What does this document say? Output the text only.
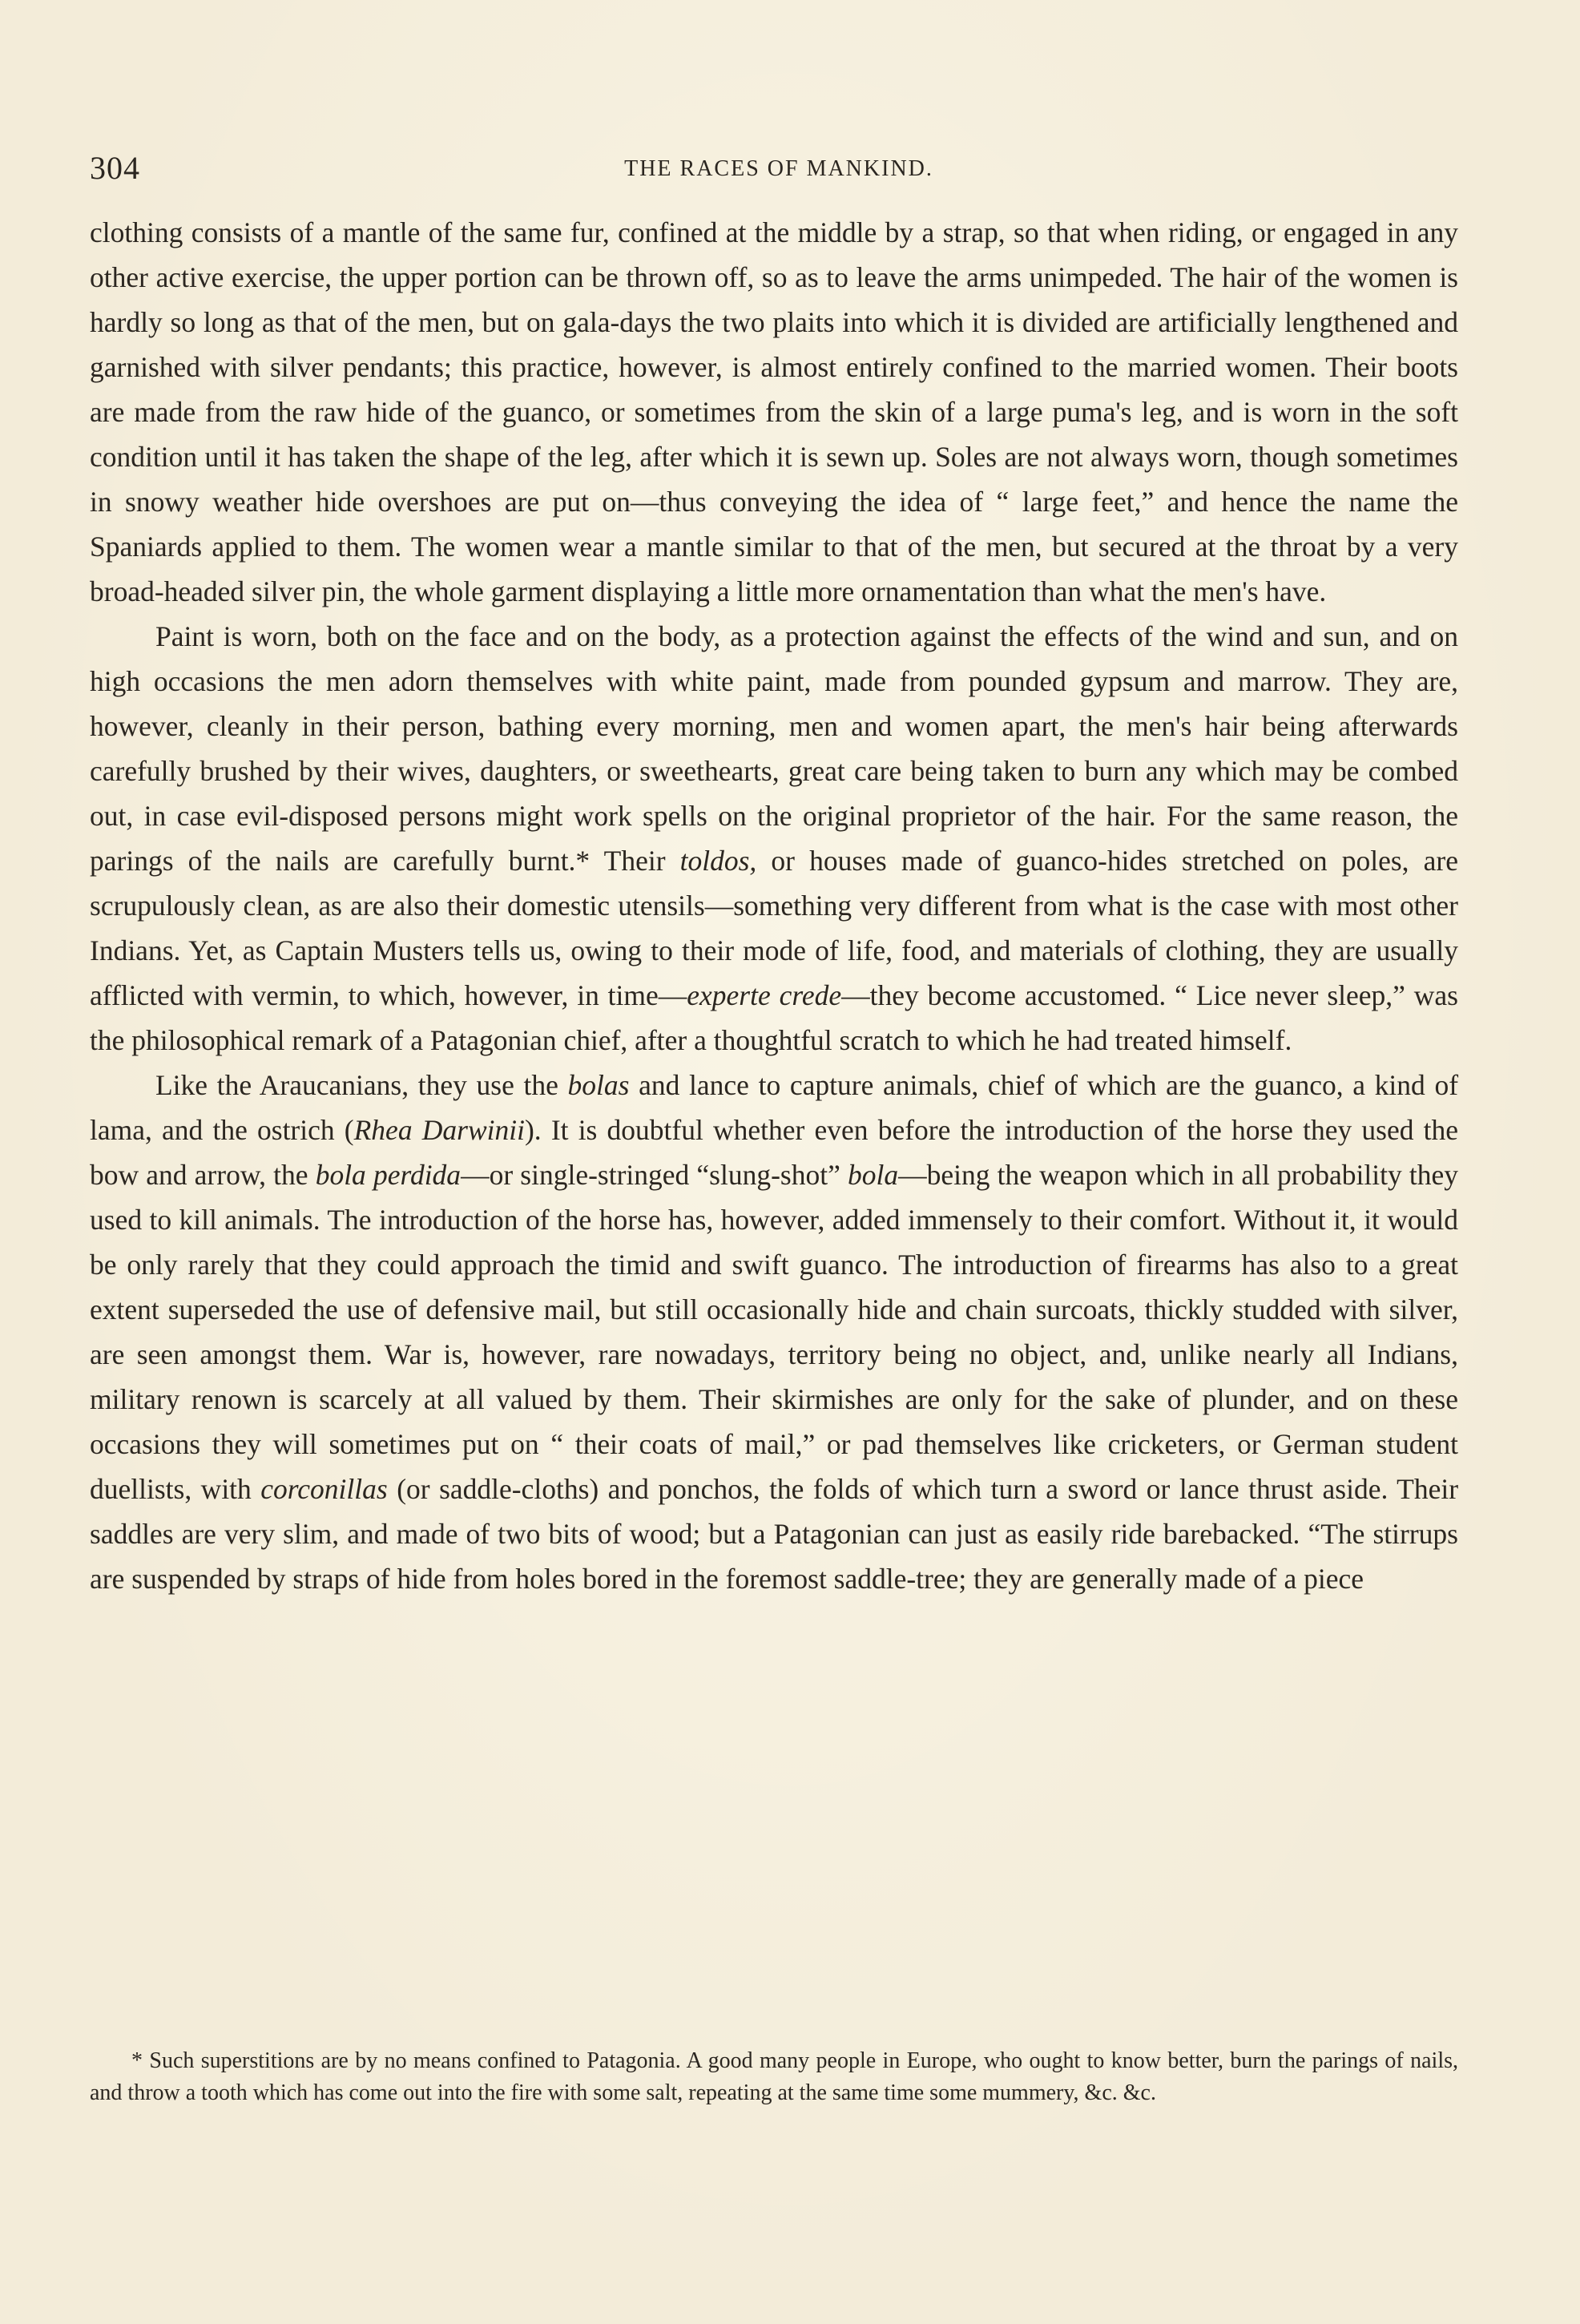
304	THE RACES OF MANKIND.

clothing consists of a mantle of the same fur, confined at the middle by a strap, so that when riding, or engaged in any other active exercise, the upper portion can be thrown off, so as to leave the arms unimpeded. The hair of the women is hardly so long as that of the men, but on gala-days the two plaits into which it is divided are artificially lengthened and garnished with silver pendants; this practice, however, is almost entirely confined to the married women. Their boots are made from the raw hide of the guanco, or sometimes from the skin of a large puma's leg, and is worn in the soft condition until it has taken the shape of the leg, after which it is sewn up. Soles are not always worn, though sometimes in snowy weather hide overshoes are put on—thus conveying the idea of “ large feet,” and hence the name the Spaniards applied to them. The women wear a mantle similar to that of the men, but secured at the throat by a very broad-headed silver pin, the whole garment displaying a little more ornamentation than what the men's have.

Paint is worn, both on the face and on the body, as a protection against the effects of the wind and sun, and on high occasions the men adorn themselves with white paint, made from pounded gypsum and marrow. They are, however, cleanly in their person, bathing every morning, men and women apart, the men's hair being afterwards carefully brushed by their wives, daughters, or sweethearts, great care being taken to burn any which may be combed out, in case evil-disposed persons might work spells on the original proprietor of the hair. For the same reason, the parings of the nails are carefully burnt.* Their toldos, or houses made of guanco-hides stretched on poles, are scrupulously clean, as are also their domestic utensils—something very different from what is the case with most other Indians. Yet, as Captain Musters tells us, owing to their mode of life, food, and materials of clothing, they are usually afflicted with vermin, to which, however, in time—experte crede—they become accustomed. “ Lice never sleep,” was the philosophical remark of a Patagonian chief, after a thoughtful scratch to which he had treated himself.

Like the Araucanians, they use the bolas and lance to capture animals, chief of which are the guanco, a kind of lama, and the ostrich (Rhea Darwinii). It is doubtful whether even before the introduction of the horse they used the bow and arrow, the bola perdida—or single-stringed “slung-shot” bola—being the weapon which in all probability they used to kill animals. The introduction of the horse has, however, added immensely to their comfort. Without it, it would be only rarely that they could approach the timid and swift guanco. The introduction of firearms has also to a great extent superseded the use of defensive mail, but still occasionally hide and chain surcoats, thickly studded with silver, are seen amongst them. War is, however, rare nowadays, territory being no object, and, unlike nearly all Indians, military renown is scarcely at all valued by them. Their skirmishes are only for the sake of plunder, and on these occasions they will sometimes put on “ their coats of mail,” or pad themselves like cricketers, or German student duellists, with corconillas (or saddle-cloths) and ponchos, the folds of which turn a sword or lance thrust aside. Their saddles are very slim, and made of two bits of wood; but a Patagonian can just as easily ride barebacked. “The stirrups are suspended by straps of hide from holes bored in the foremost saddle-tree; they are generally made of a piece

* Such superstitions are by no means confined to Patagonia. A good many people in Europe, who ought to know better, burn the parings of nails, and throw a tooth which has come out into the fire with some salt, repeating at the same time some mummery, &c. &c.
